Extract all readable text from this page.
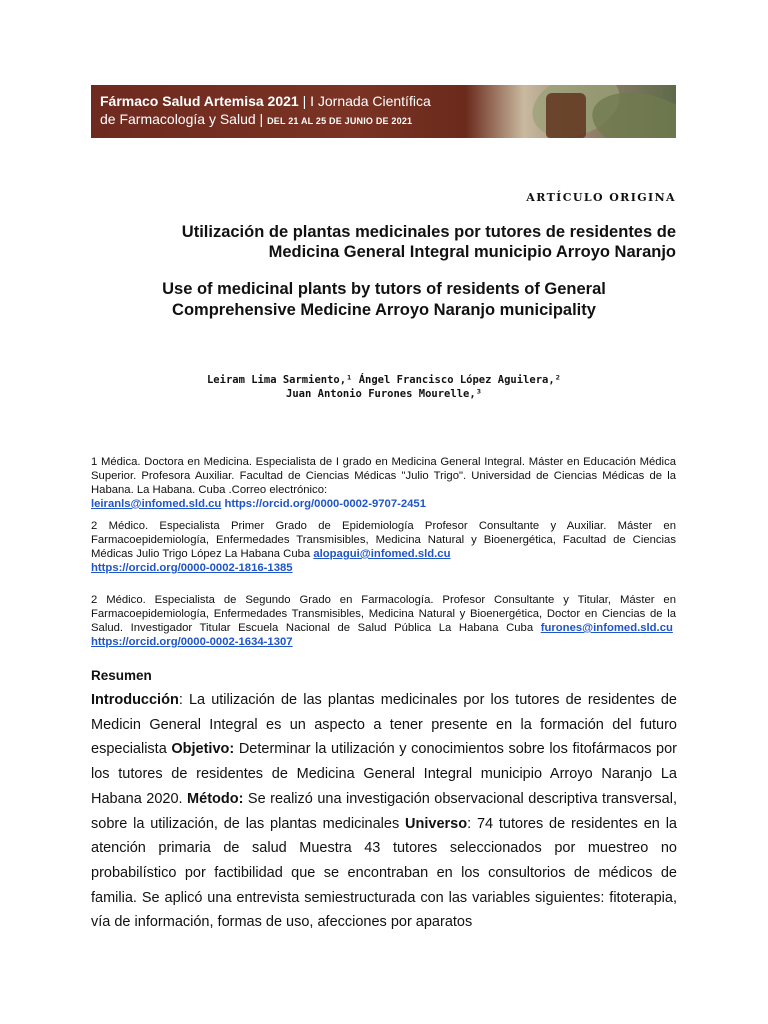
Fármaco Salud Artemisa 2021 | I Jornada Científica
de Farmacología y Salud | DEL 21 AL 25 DE JUNIO DE 2021
ARTÍCULO ORIGINA
Utilización de plantas medicinales por tutores de residentes de
Medicina General Integral municipio Arroyo Naranjo
Use of medicinal plants by tutors of residents of General
Comprehensive Medicine Arroyo Naranjo municipality
Leiram Lima Sarmiento,¹ Ángel Francisco López Aguilera,²
Juan Antonio Furones Mourelle,³
1 Médica. Doctora en Medicina. Especialista de I grado en Medicina General Integral. Máster en Educación Médica Superior. Profesora Auxiliar. Facultad de Ciencias Médicas "Julio Trigo". Universidad de Ciencias Médicas de la Habana. La Habana. Cuba .Correo electrónico:
leiranls@infomed.sld.cu https://orcid.org/0000-0002-9707-2451
2 Médico. Especialista Primer Grado de Epidemiología Profesor Consultante y Auxiliar. Máster en Farmacoepidemiología, Enfermedades Transmisibles, Medicina Natural y Bioenergética, Facultad de Ciencias Médicas Julio Trigo López La Habana Cuba alopagui@infomed.sld.cu
https://orcid.org/0000-0002-1816-1385
2 Médico. Especialista de Segundo Grado en Farmacología. Profesor Consultante y Titular, Máster en Farmacoepidemiología, Enfermedades Transmisibles, Medicina Natural y Bioenergética, Doctor en Ciencias de la Salud. Investigador Titular Escuela Nacional de Salud Pública La Habana Cuba furones@infomed.sld.cu  https://orcid.org/0000-0002-1634-1307
Resumen
Introducción: La utilización de las plantas medicinales por los tutores de residentes de Medicin General Integral es un aspecto a tener presente en la formación del futuro especialista Objetivo: Determinar la utilización y conocimientos sobre los fitofármacos por los tutores de residentes de Medicina General Integral municipio Arroyo Naranjo La Habana 2020. Método: Se realizó una investigación observacional descriptiva transversal, sobre la utilización, de las plantas medicinales Universo: 74 tutores de residentes en la atención primaria de salud Muestra 43 tutores seleccionados por muestreo no probabilístico por factibilidad que se encontraban en los consultorios de médicos de familia. Se aplicó una entrevista semiestructurada con las variables siguientes: fitoterapia, vía de información, formas de uso, afecciones por aparatos
